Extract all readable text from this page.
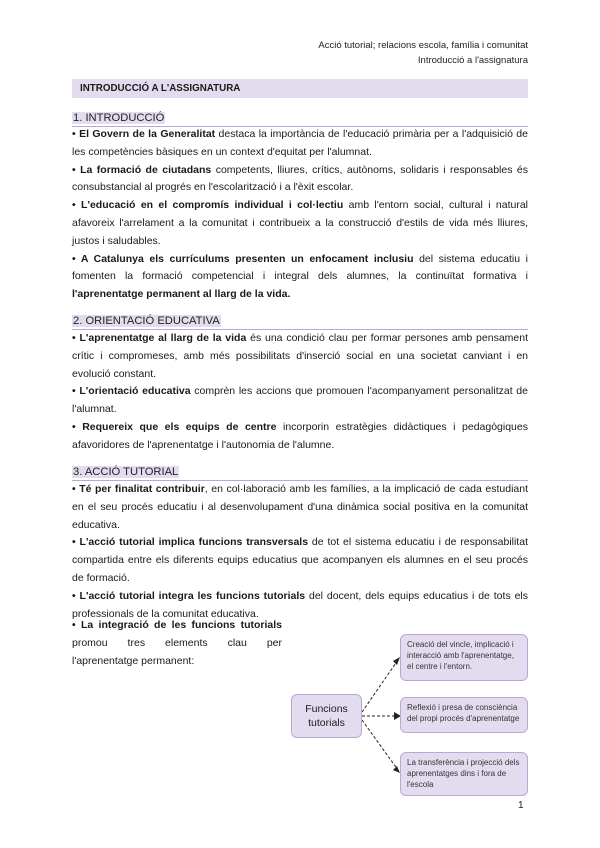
Acció tutorial; relacions escola, família i comunitat
Introducció a l'assignatura
INTRODUCCIÓ A L'ASSIGNATURA
1. INTRODUCCIÓ
• El Govern de la Generalitat destaca la importància de l'educació primària per a l'adquisició de les competències bàsiques en un context d'equitat per l'alumnat.
• La formació de ciutadans competents, lliures, crítics, autònoms, solidaris i responsables és consubstancial al progrés en l'escolarització i a l'èxit escolar.
• L'educació en el compromís individual i col·lectiu amb l'entorn social, cultural i natural afavoreix l'arrelament a la comunitat i contribueix a la construcció d'estils de vida més lliures, justos i saludables.
• A Catalunya els currículums presenten un enfocament inclusiu del sistema educatiu i fomenten la formació competencial i integral dels alumnes, la continuïtat formativa i l'aprenentatge permanent al llarg de la vida.
2. ORIENTACIÓ EDUCATIVA
• L'aprenentatge al llarg de la vida és una condició clau per formar persones amb pensament crític i compromeses, amb més possibilitats d'inserció social en una societat canviant i en evolució constant.
• L'orientació educativa comprèn les accions que promouen l'acompanyament personalitzat de l'alumnat.
• Requereix que els equips de centre incorporin estratègies didàctiques i pedagògiques afavoridores de l'aprenentatge i l'autonomia de l'alumne.
3. ACCIÓ TUTORIAL
• Té per finalitat contribuir, en col·laboració amb les famílies, a la implicació de cada estudiant en el seu procés educatiu i al desenvolupament d'una dinàmica social positiva en la comunitat educativa.
• L'acció tutorial implica funcions transversals de tot el sistema educatiu i de responsabilitat compartida entre els diferents equips educatius que acompanyen els alumnes en el seu procés de formació.
• L'acció tutorial integra les funcions tutorials del docent, dels equips educatius i de tots els professionals de la comunitat educativa.
• La integració de les funcions tutorials
promou tres elements clau per
l'aprenentatge permanent:
Funcions tutorials
Creació del vincle, implicació i interacció amb l'aprenentatge, el centre i l'entorn.
Reflexió i presa de consciència del propi procés d'aprenentatge
La transferència i projecció dels aprenentatges dins i fora de l'escola
1
